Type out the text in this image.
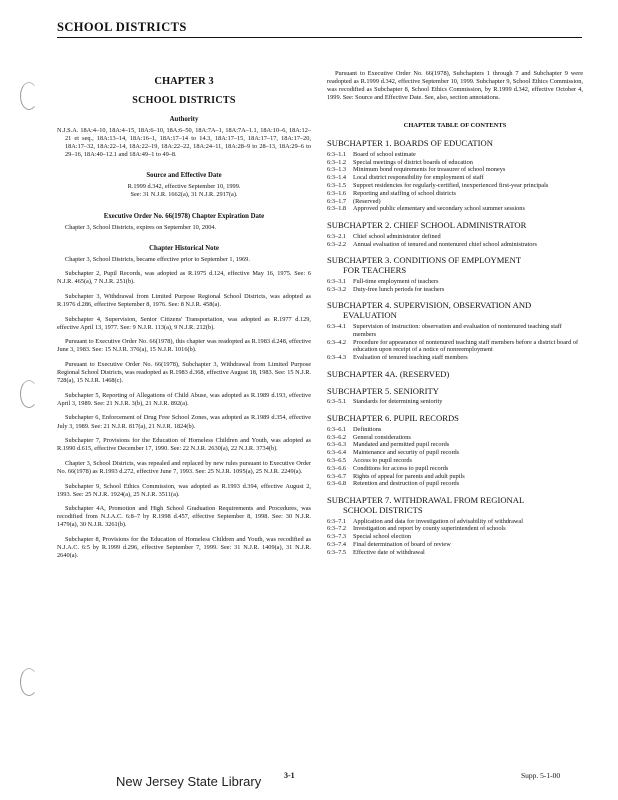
SCHOOL DISTRICTS
CHAPTER 3
SCHOOL DISTRICTS
Authority

N.J.S.A. 18A:4–10, 18A:4–15, 18A:6–10, 18A:6–50, 18A:7A–1, 18A:7A–1.1, 18A:10–6, 18A:12–21 et seq., 18A:13–14, 18A:16–1, 18A:17–14 to 14.3, 18A:17–15, 18A:17–17, 18A:17–20, 18A:17–32, 18A:22–14, 18A:22–19, 18A:22–22, 18A:24–11, 18A:28–9 to 28–13, 18A:29–6 to 29–16, 18A:40–12.1 and 18A:49–1 to 49–8.

Source and Effective Date

R.1999 d.342, effective September 10, 1999.

See: 31 N.J.R. 1662(a), 31 N.J.R. 2917(a).

Executive Order No. 66(1978) Chapter Expiration Date

Chapter 3, School Districts, expires on September 10, 2004.

Chapter Historical Note

Chapter 3, School Districts, became effective prior to September 1, 1969.

Subchapter 2, Pupil Records, was adopted as R.1975 d.124, effective May 16, 1975. See: 6 N.J.R. 465(a), 7 N.J.R. 251(b).

Subchapter 3, Withdrawal from Limited Purpose Regional School Districts, was adopted as R.1976 d.286, effective September 8, 1976. See: 8 N.J.R. 458(a).

Subchapter 4, Supervision, Senior Citizens' Transportation, was adopted as R.1977 d.129, effective April 13, 1977. See: 9 N.J.R. 113(a), 9 N.J.R. 212(b).

Pursuant to Executive Order No. 66(1978), this chapter was readopted as R.1983 d.248, effective June 3, 1983. See: 15 N.J.R. 376(a), 15 N.J.R. 1016(b).

Pursuant to Executive Order No. 66(1978), Subchapter 3, Withdrawal from Limited Purpose Regional School Districts, was readopted as R.1983 d.368, effective August 18, 1983. See: 15 N.J.R. 728(a), 15 N.J.R. 1468(c).

Subchapter 5, Reporting of Allegations of Child Abuse, was adopted as R.1989 d.193, effective April 3, 1989. See: 21 N.J.R. 3(b), 21 N.J.R. 892(a).

Subchapter 6, Enforcement of Drug Free School Zones, was adopted as R.1989 d.354, effective July 3, 1989. See: 21 N.J.R. 817(a), 21 N.J.R. 1824(b).

Subchapter 7, Provisions for the Education of Homeless Children and Youth, was adopted as R.1990 d.615, effective December 17, 1990. See: 22 N.J.R. 2630(a), 22 N.J.R. 3734(b).

Chapter 3, School Districts, was repealed and replaced by new rules pursuant to Executive Order No. 66(1978) as R.1993 d.272, effective June 7, 1993. See: 25 N.J.R. 1095(a), 25 N.J.R. 2249(a).

Subchapter 9, School Ethics Commission, was adopted as R.1993 d.394, effective August 2, 1993. See: 25 N.J.R. 1924(a), 25 N.J.R. 3511(a).

Subchapter 4A, Promotion and High School Graduation Requirements and Procedures, was recodified from N.J.A.C. 6:8–7 by R.1998 d.457, effective September 8, 1998. See: 30 N.J.R. 1479(a), 30 N.J.R. 3261(b).

Subchapter 8, Provisions for the Education of Homeless Children and Youth, was recodified as N.J.A.C. 6:5 by R.1999 d.296, effective September 7, 1999. See: 31 N.J.R. 1409(a), 31 N.J.R. 2640(a).

Pursuant to Executive Order No. 66(1978), Subchapters 1 through 7 and Subchapter 9 were readopted as R.1999 d.342, effective September 10, 1999. Subchapter 9, School Ethics Commission, was recodified as Subchapter 8, School Ethics Commission, by R.1999 d.342, effective October 4, 1999. See: Source and Effective Date. See, also, section annotations.

CHAPTER TABLE OF CONTENTS
SUBCHAPTER 1. BOARDS OF EDUCATION
6:3–1.1	Board of school estimate
6:3–1.2	Special meetings of district boards of education
6:3–1.3	Minimum bond requirements for treasurer of school moneys
6:3–1.4	Local district responsibility for employment of staff
6:3–1.5	Support residencies for regularly-certified, inexperienced first-year principals
6:3–1.6	Reporting and staffing of school districts
6:3–1.7	(Reserved)
6:3–1.8	Approved public elementary and secondary school summer sessions
SUBCHAPTER 2. CHIEF SCHOOL ADMINISTRATOR
6:3–2.1	Chief school administrator defined
6:3–2.2	Annual evaluation of tenured and nontenured chief school administrators
SUBCHAPTER 3. CONDITIONS OF EMPLOYMENT
FOR TEACHERS
6:3–3.1	Full-time employment of teachers
6:3–3.2	Duty-free lunch periods for teachers
SUBCHAPTER 4. SUPERVISION, OBSERVATION AND
EVALUATION
6:3–4.1	Supervision of instruction: observation and evaluation of nontenured teaching staff members
6:3–4.2	Procedure for appearance of nontenured teaching staff members before a district board of education upon receipt of a notice of nonreemployment
6:3–4.3	Evaluation of tenured teaching staff members
SUBCHAPTER 4A. (RESERVED)
SUBCHAPTER 5. SENIORITY
6:3–5.1	Standards for determining seniority
SUBCHAPTER 6. PUPIL RECORDS
6:3–6.1	Definitions
6:3–6.2	General considerations
6:3–6.3	Mandated and permitted pupil records
6:3–6.4	Maintenance and security of pupil records
6:3–6.5	Access to pupil records
6:3–6.6	Conditions for access to pupil records
6:3–6.7	Rights of appeal for parents and adult pupils
6:3–6.8	Retention and destruction of pupil records
SUBCHAPTER 7. WITHDRAWAL FROM REGIONAL
SCHOOL DISTRICTS
6:3–7.1	Application and data for investigation of advisability of withdrawal
6:3–7.2	Investigation and report by county superintendent of schools
6:3–7.3	Special school election
6:3–7.4	Final determination of board of review
6:3–7.5	Effective date of withdrawal
New Jersey State Library	3-1	Supp. 5-1-00
